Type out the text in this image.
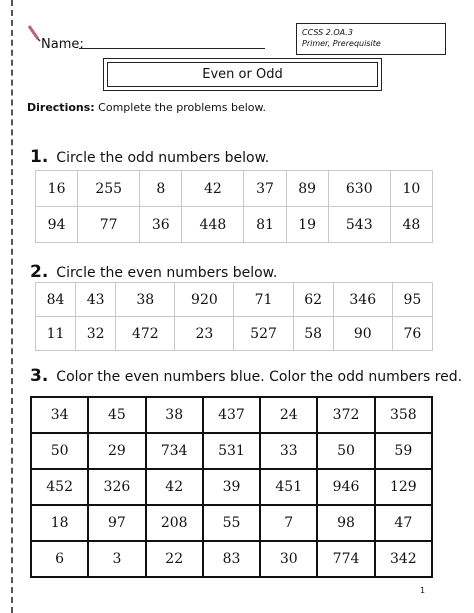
Name:
CCSS 2.OA.3
Primer, Prerequisite
Even or Odd
Directions: Complete the problems below.
1. Circle the odd numbers below.
16	255	8	42	37	89	630	10
94	77	36	448	81	19	543	48
2. Circle the even numbers below.
84	43	38	920	71	62	346	95
11	32	472	23	527	58	90	76
3. Color the even numbers blue. Color the odd numbers red.
34	45	38	437	24	372	358
50	29	734	531	33	50	59
452	326	42	39	451	946	129
18	97	208	55	7	98	47
6	3	22	83	30	774	342
1
